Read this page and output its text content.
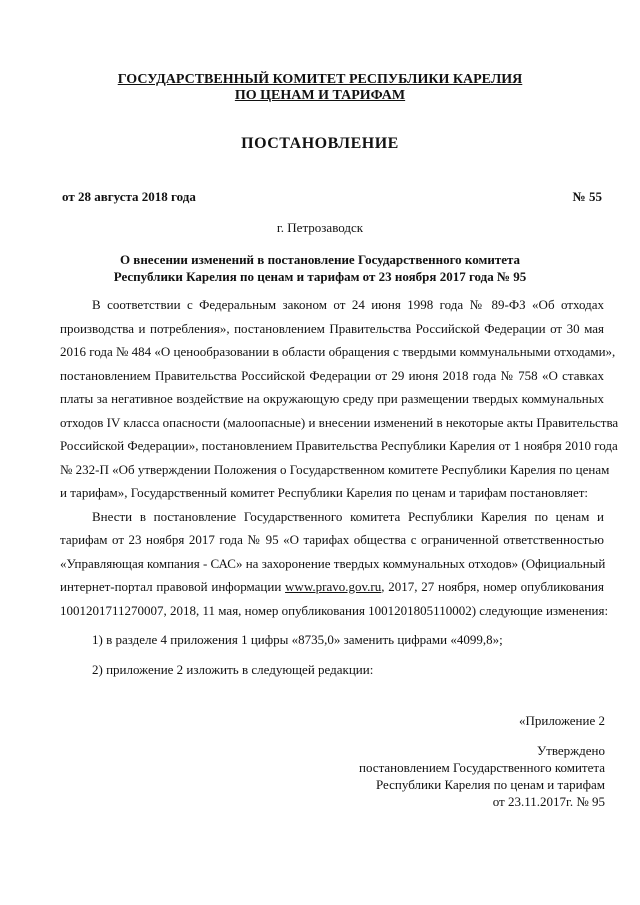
ГОСУДАРСТВЕННЫЙ КОМИТЕТ РЕСПУБЛИКИ КАРЕЛИЯ
ПО ЦЕНАМ И ТАРИФАМ
ПОСТАНОВЛЕНИЕ
от 28 августа 2018 года	№ 55
г. Петрозаводск
О внесении изменений в постановление Государственного комитета
Республики Карелия по ценам и тарифам от 23 ноября 2017 года № 95
В соответствии с Федеральным законом от 24 июня 1998 года № 89-ФЗ «Об отходах
производства и потребления», постановлением Правительства Российской Федерации от 30 мая
2016 года № 484 «О ценообразовании в области обращения с твердыми коммунальными отходами»,
постановлением Правительства Российской Федерации от 29 июня 2018 года № 758 «О ставках
платы за негативное воздействие на окружающую среду при размещении твердых коммунальных
отходов IV класса опасности (малоопасные) и внесении изменений в некоторые акты Правительства
Российской Федерации», постановлением Правительства Республики Карелия от 1 ноября 2010 года
№ 232-П «Об утверждении Положения о Государственном комитете Республики Карелия по ценам
и тарифам», Государственный комитет Республики Карелия по ценам и тарифам постановляет:
Внести в постановление Государственного комитета Республики Карелия по ценам и
тарифам от 23 ноября 2017 года № 95 «О тарифах общества с ограниченной ответственностью
«Управляющая компания - САС» на захоронение твердых коммунальных отходов» (Официальный
интернет-портал правовой информации www.pravo.gov.ru, 2017, 27 ноября, номер опубликования
1001201711270007, 2018, 11 мая, номер опубликования 1001201805110002) следующие изменения:
1) в разделе 4 приложения 1 цифры «8735,0» заменить цифрами «4099,8»;
2) приложение 2 изложить в следующей редакции:
«Приложение 2
Утверждено
постановлением Государственного комитета
Республики Карелия по ценам и тарифам
от 23.11.2017г. № 95
